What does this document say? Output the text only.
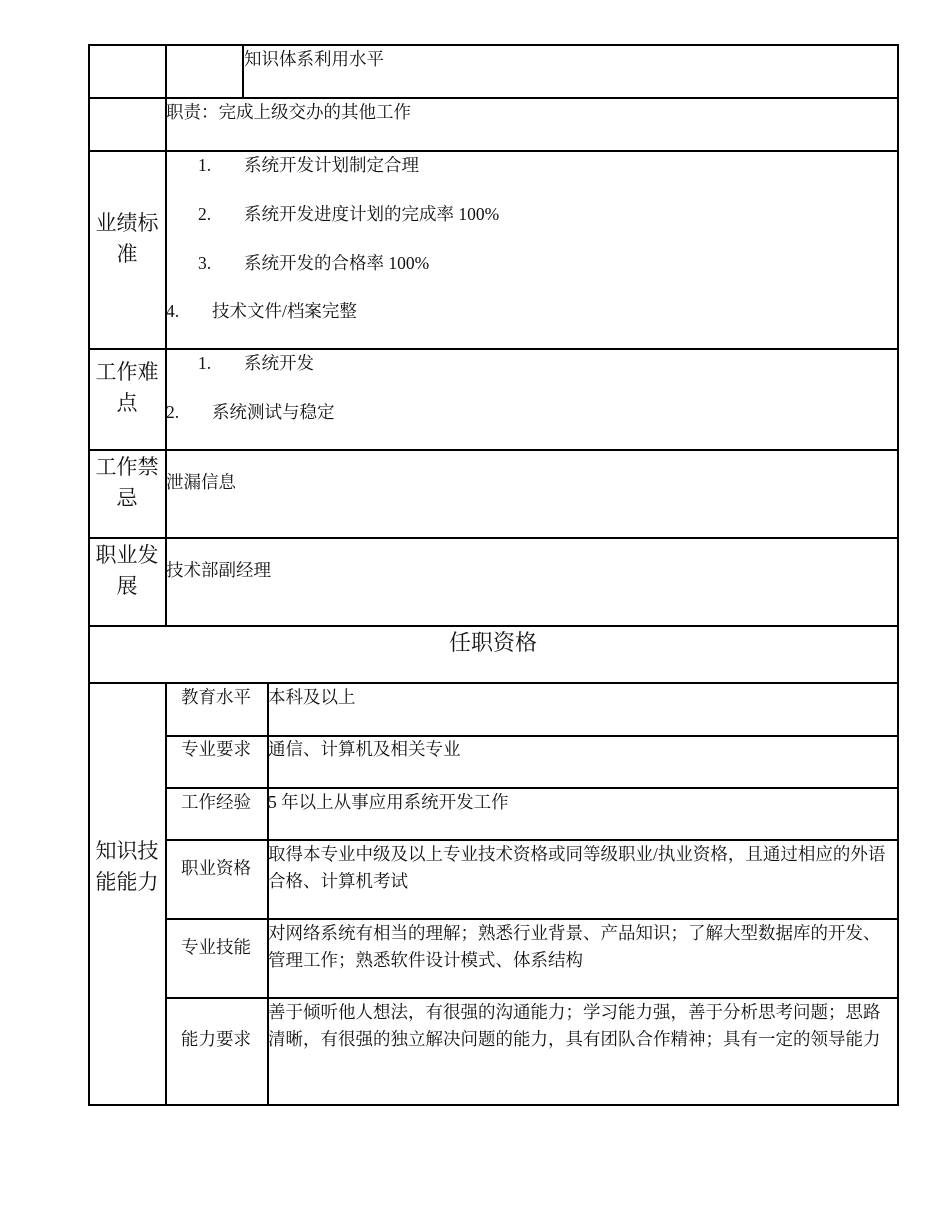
知识体系利用水平
职责：完成上级交办的其他工作
业绩标准
1. 系统开发计划制定合理
2. 系统开发进度计划的完成率 100%
3. 系统开发的合格率 100%
4. 技术文件/档案完整
工作难点
1. 系统开发
2. 系统测试与稳定
工作禁忌
泄漏信息
职业发展
技术部副经理
任职资格
知识技能能力
教育水平 本科及以上
专业要求 通信、计算机及相关专业
工作经验 5 年以上从事应用系统开发工作
职业资格
取得本专业中级及以上专业技术资格或同等级职业/执业资格，且通过相应的外语合格、计算机考试
专业技能
对网络系统有相当的理解；熟悉行业背景、产品知识；了解大型数据库的开发、管理工作；熟悉软件设计模式、体系结构
能力要求
善于倾听他人想法，有很强的沟通能力；学习能力强，善于分析思考问题；思路清晰，有很强的独立解决问题的能力，具有团队合作精神；具有一定的领导能力
